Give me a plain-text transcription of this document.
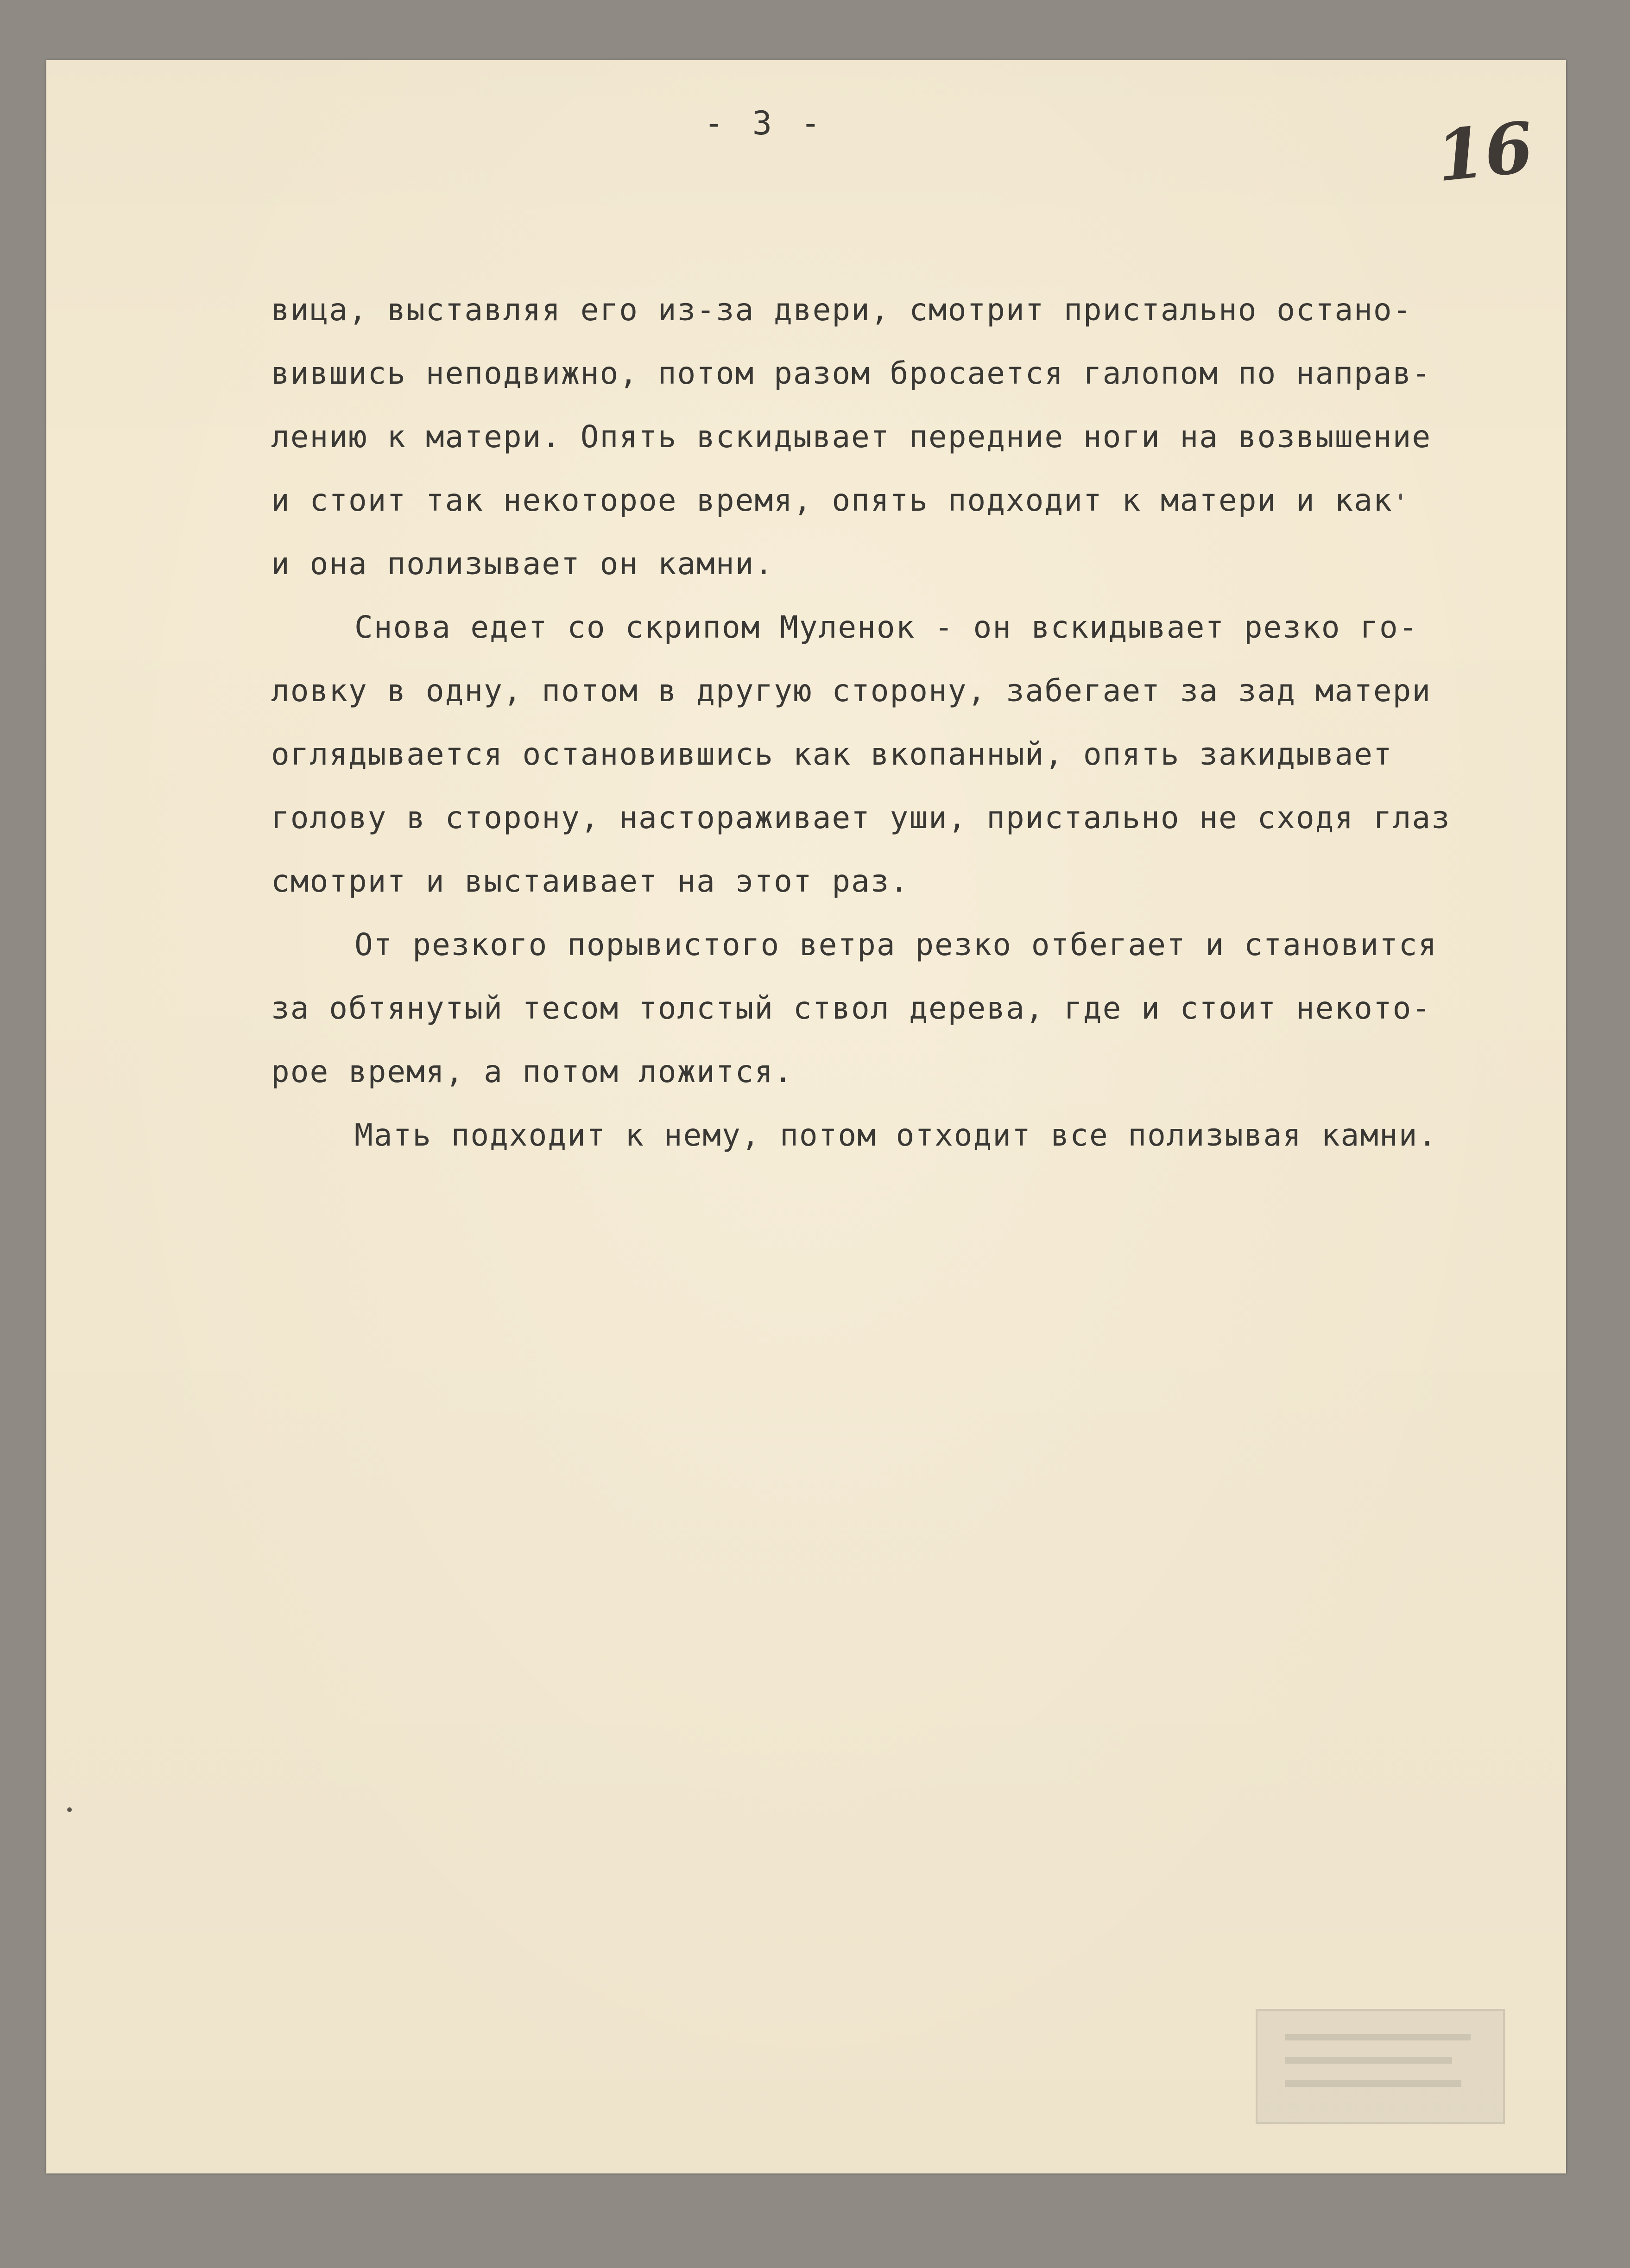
- 3 -	16

вица, выставляя его из-за двери, смотрит пристально остано-
вившись неподвижно, потом разом бросается галопом по направ-
лению к матери. Опять вскидывает передние ноги на возвышение
и стоит так некоторое время, опять подходит к матери и как
и она полизывает он камни.

Снова едет со скрипом Муленок - он вскидывает резко го-
ловку в одну, потом в другую сторону, забегает за зад матери
оглядывается остановившись как вкопанный, опять закидывает
голову в сторону, настораживает уши, пристально не сходя глаз
смотрит и выстаивает на этот раз.

От резкого порывистого ветра резко отбегает и становится
за обтянутый тесом толстый ствол дерева, где и стоит некото-
рое время, а потом ложится.

Мать подходит к нему, потом отходит все полизывая камни.
